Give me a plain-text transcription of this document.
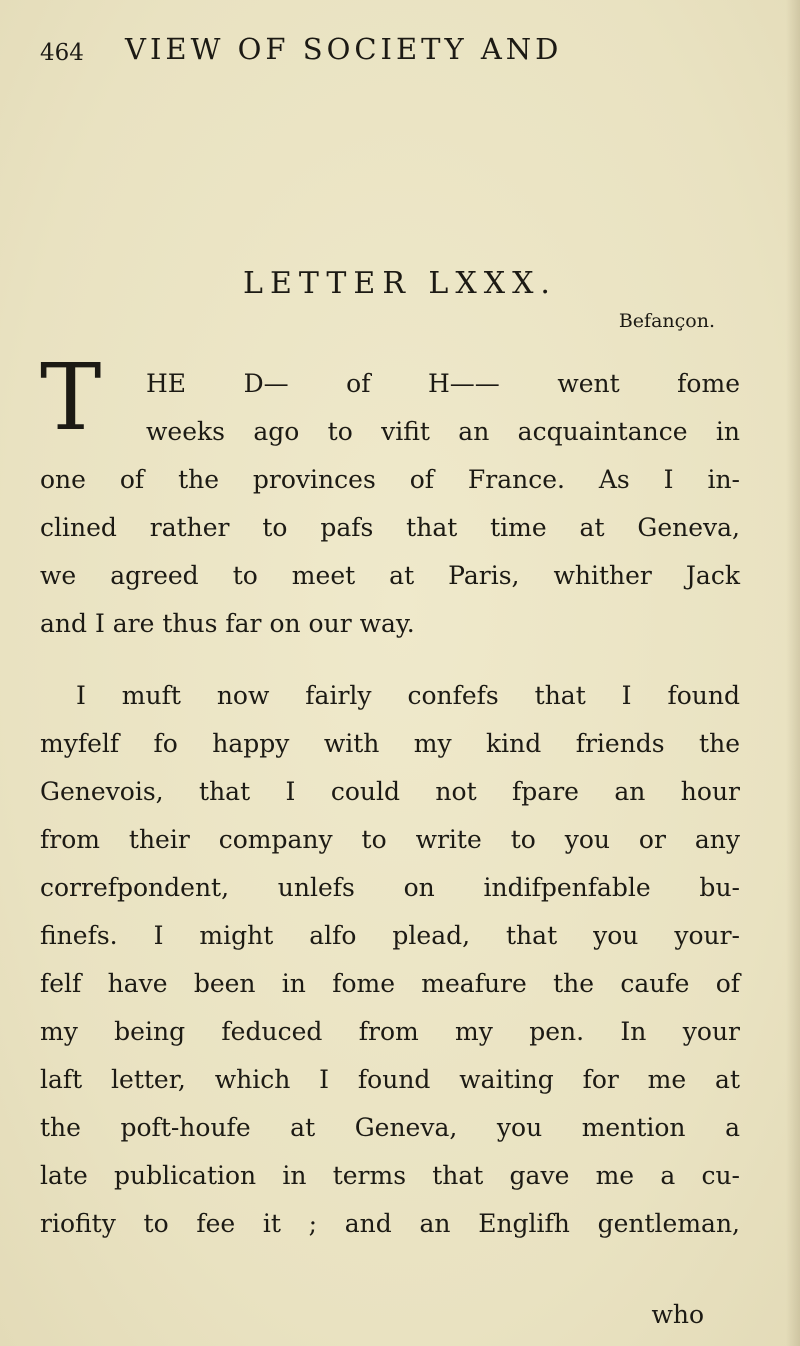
464 VIEW OF SOCIETY AND
LETTER LXXX.
Befançon.
T HE D— of H—— went fome
weeks ago to vifit an acquaintance in
one of the provinces of France. As I in-
clined rather to pafs that time at Geneva,
we agreed to meet at Paris, whither Jack
and I are thus far on our way.
I muft now fairly confefs that I found
myfelf fo happy with my kind friends the
Genevois, that I could not fpare an hour
from their company to write to you or any
correfpondent, unlefs on indifpenfable bu-
finefs. I might alfo plead, that you your-
felf have been in fome meafure the caufe of
my being feduced from my pen. In your
laft letter, which I found waiting for me at
the poft-houfe at Geneva, you mention a
late publication in terms that gave me a cu-
riofity to fee it ; and an Englifh gentleman,
who
